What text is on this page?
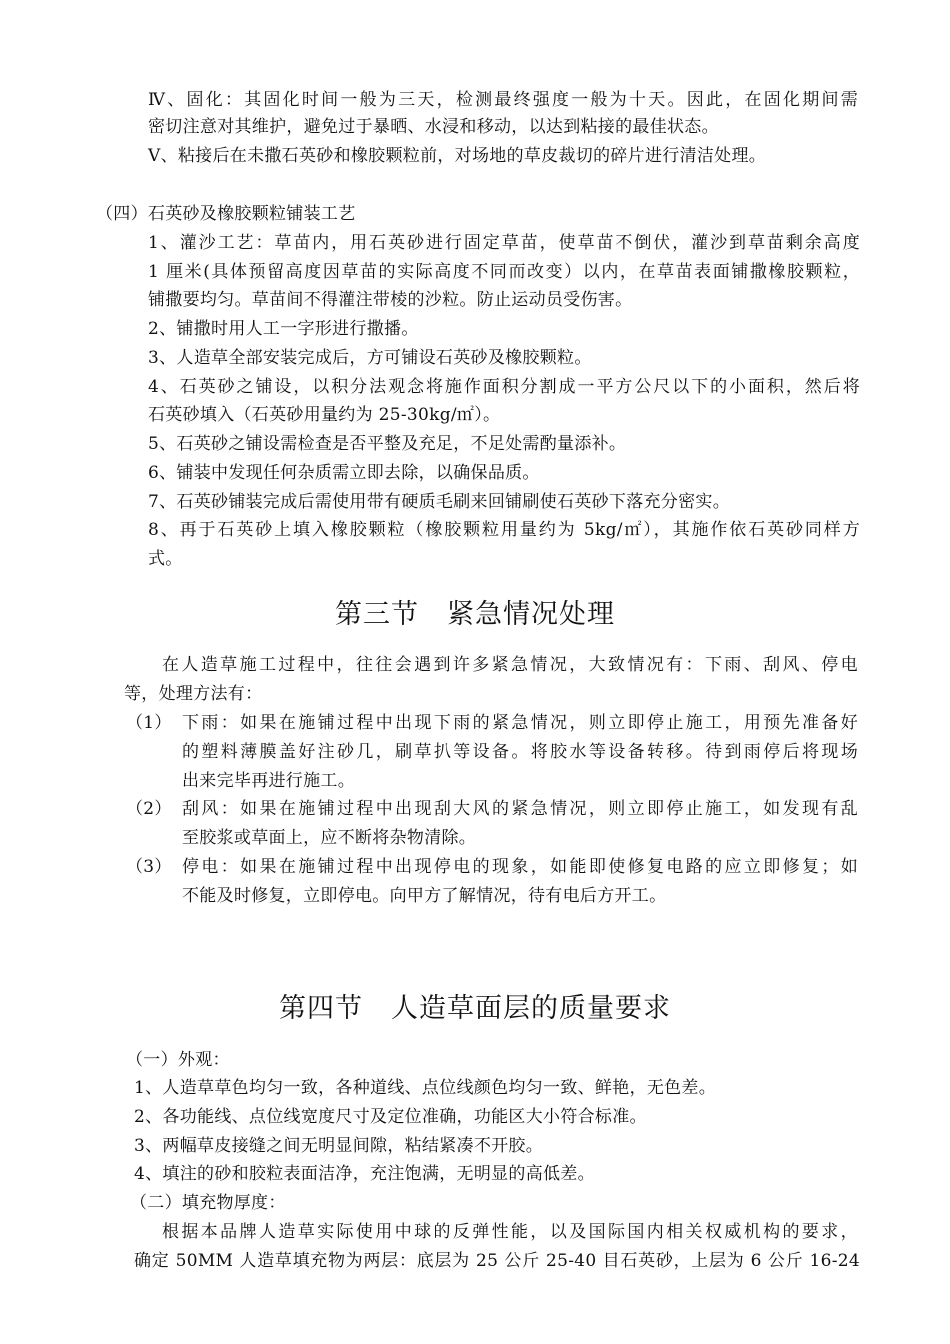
Ⅳ、固化：其固化时间一般为三天，检测最终强度一般为十天。因此，在固化期间需
密切注意对其维护，避免过于暴晒、水浸和移动，以达到粘接的最佳状态。
Ⅴ、粘接后在未撒石英砂和橡胶颗粒前，对场地的草皮裁切的碎片进行清洁处理。
（四）石英砂及橡胶颗粒铺装工艺
1、灌沙工艺：草苗内，用石英砂进行固定草苗，使草苗不倒伏，灌沙到草苗剩余高度
1 厘米(具体预留高度因草苗的实际高度不同而改变）以内，在草苗表面铺撒橡胶颗粒，
铺撒要均匀。草苗间不得灌注带棱的沙粒。防止运动员受伤害。
2、铺撒时用人工一字形进行撒播。
3、人造草全部安装完成后，方可铺设石英砂及橡胶颗粒。
4、石英砂之铺设，以积分法观念将施作面积分割成一平方公尺以下的小面积，然后将
石英砂填入（石英砂用量约为 25-30kg/㎡）。
5、石英砂之铺设需检查是否平整及充足，不足处需酌量添补。
6、铺装中发现任何杂质需立即去除，以确保品质。
7、石英砂铺装完成后需使用带有硬质毛刷来回铺刷使石英砂下落充分密实。
8、再于石英砂上填入橡胶颗粒（橡胶颗粒用量约为 5kg/㎡），其施作依石英砂同样方
式。
第三节　紧急情况处理
在人造草施工过程中，往往会遇到许多紧急情况，大致情况有：下雨、刮风、停电
等，处理方法有：
（1） 下雨：如果在施铺过程中出现下雨的紧急情况，则立即停止施工，用预先准备好
的塑料薄膜盖好注砂几，刷草扒等设备。将胶水等设备转移。待到雨停后将现场
出来完毕再进行施工。
（2） 刮风：如果在施铺过程中出现刮大风的紧急情况，则立即停止施工，如发现有乱
至胶浆或草面上，应不断将杂物清除。
（3） 停电：如果在施铺过程中出现停电的现象，如能即使修复电路的应立即修复；如
不能及时修复，立即停电。向甲方了解情况，待有电后方开工。
第四节　人造草面层的质量要求
（一）外观：
1、人造草草色均匀一致，各种道线、点位线颜色均匀一致、鲜艳，无色差。
2、各功能线、点位线宽度尺寸及定位准确，功能区大小符合标准。
3、两幅草皮接缝之间无明显间隙，粘结紧凑不开胶。
4、填注的砂和胶粒表面洁净，充注饱满，无明显的高低差。
（二）填充物厚度：
根据本品牌人造草实际使用中球的反弹性能，以及国际国内相关权威机构的要求，
确定 50MM 人造草填充物为两层：底层为 25 公斤 25-40 目石英砂，上层为 6 公斤 16-24
